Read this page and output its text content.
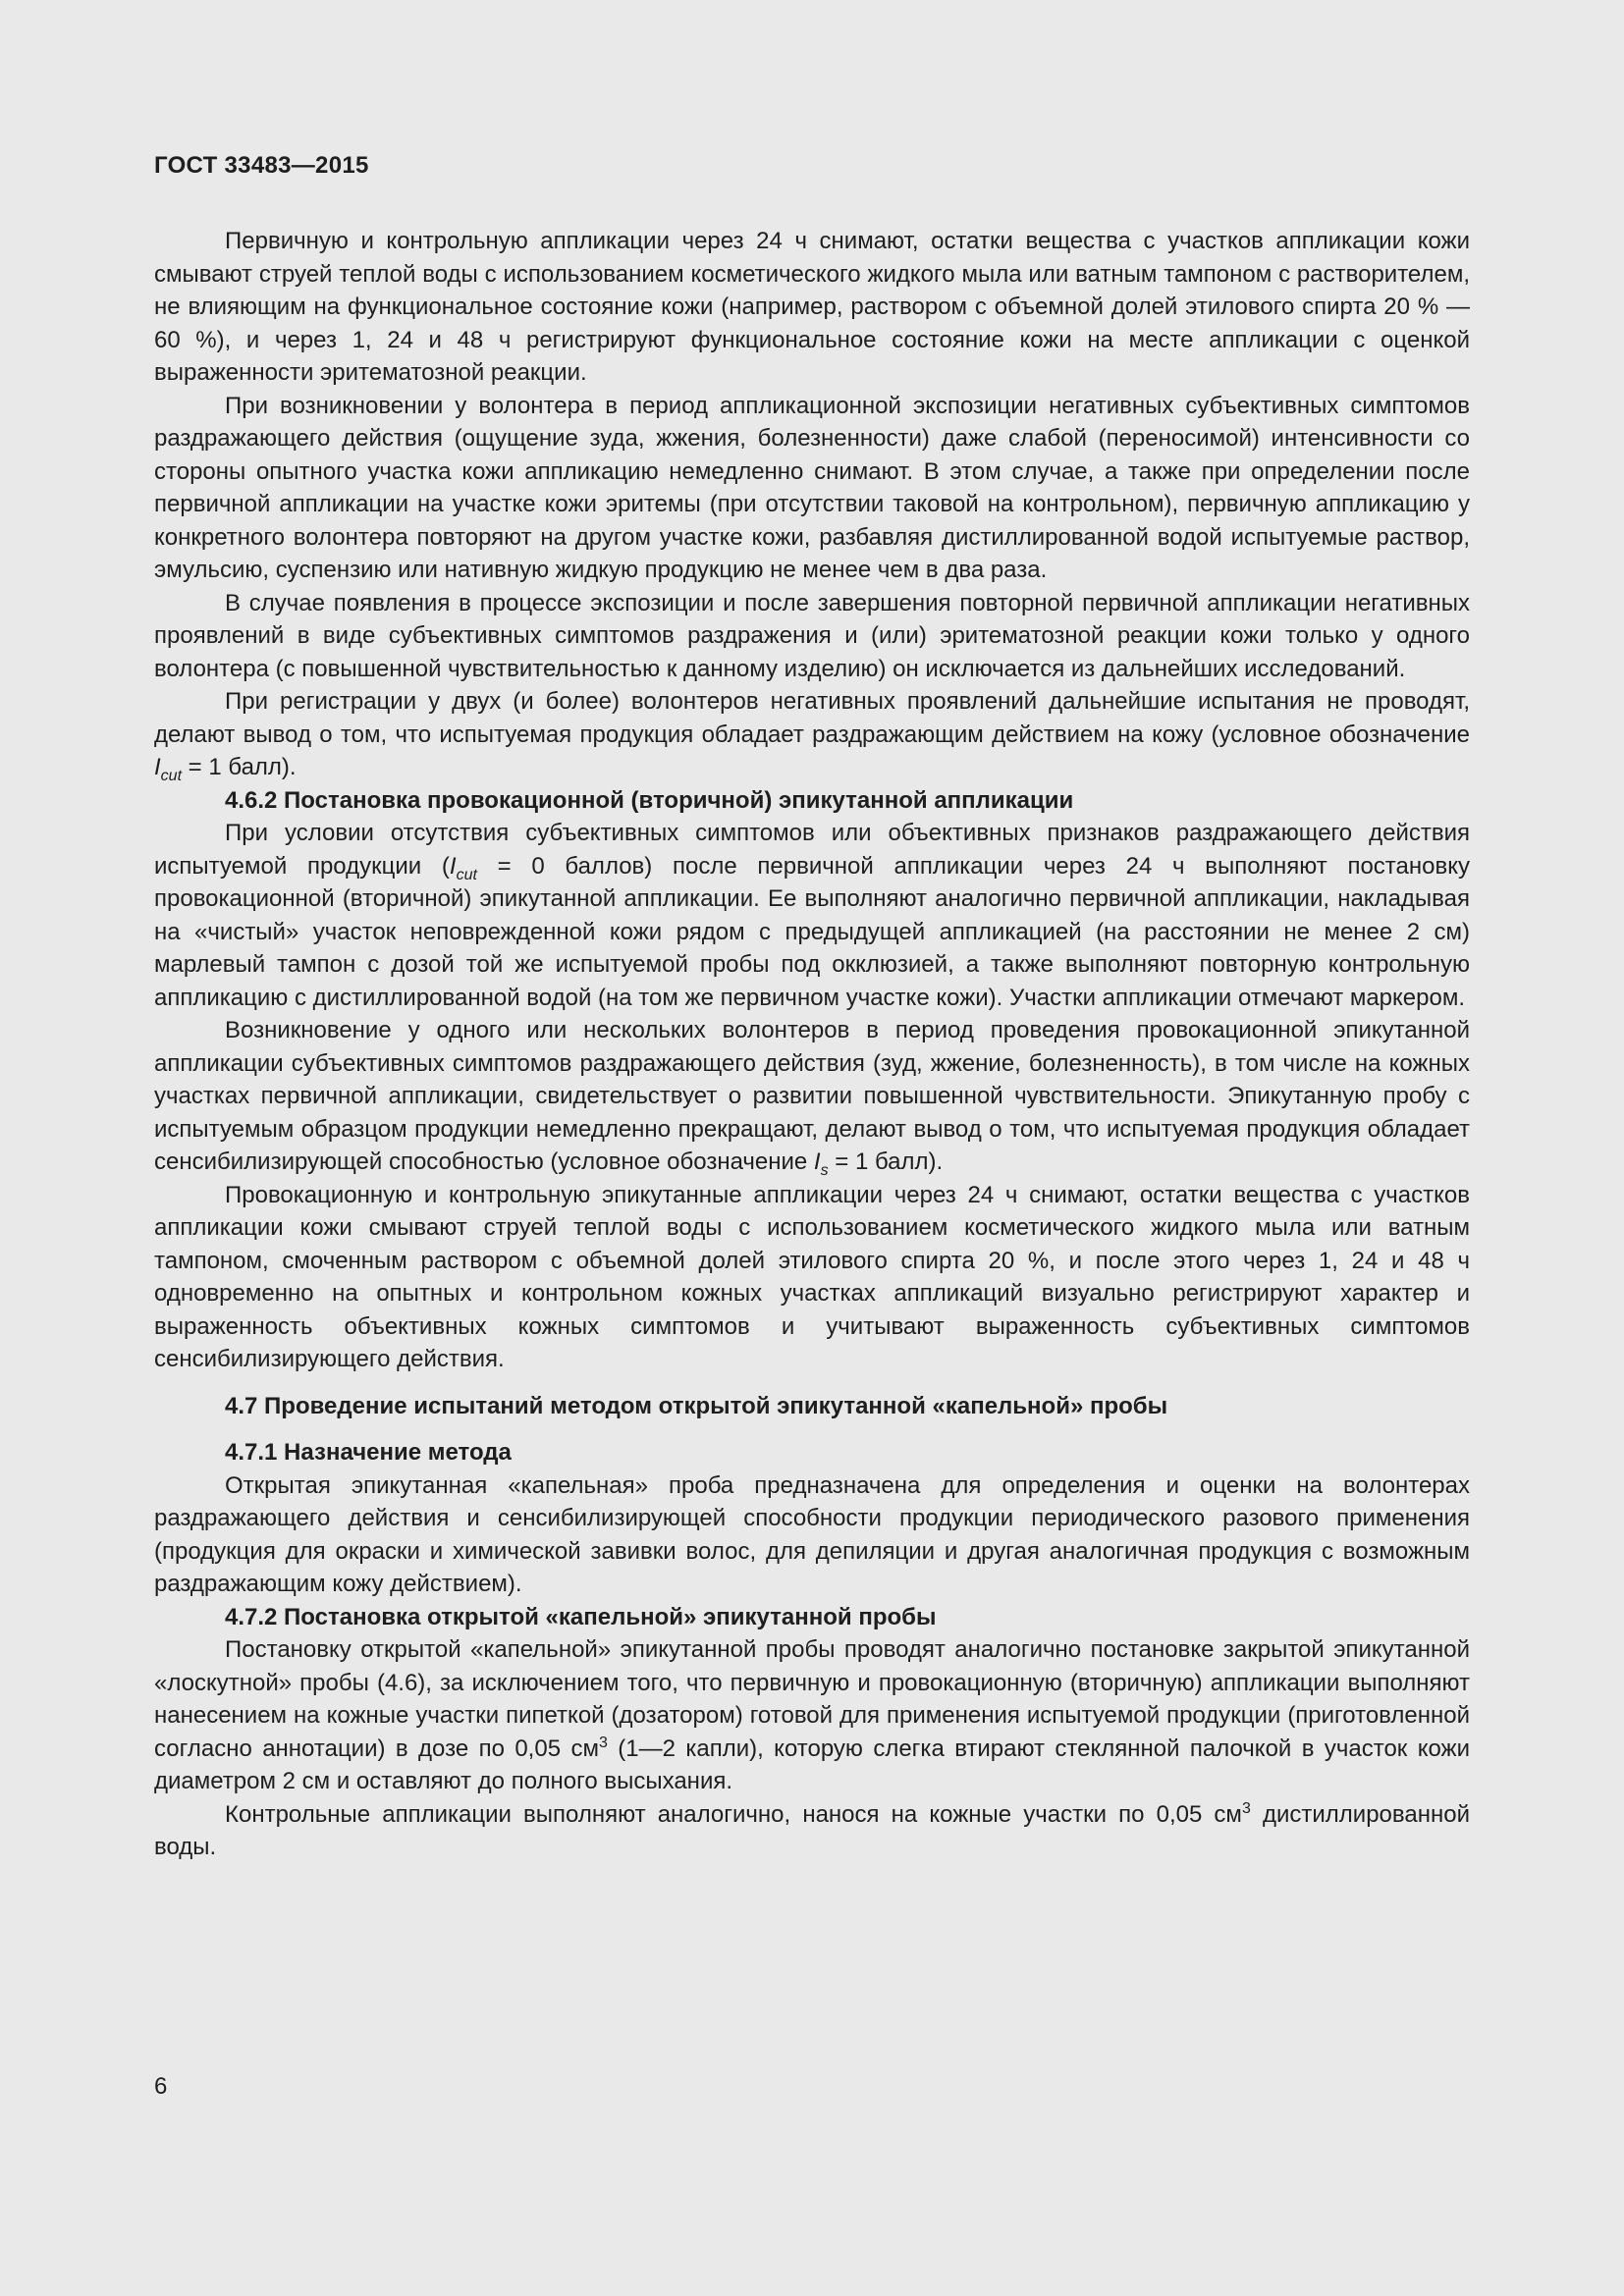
ГОСТ 33483—2015

Первичную и контрольную аппликации через 24 ч снимают, остатки вещества с участков аппликации кожи смывают струей теплой воды с использованием косметического жидкого мыла или ватным тампоном с растворителем, не влияющим на функциональное состояние кожи (например, раствором с объемной долей этилового спирта 20 % — 60 %), и через 1, 24 и 48 ч регистрируют функциональное состояние кожи на месте аппликации с оценкой выраженности эритематозной реакции.

При возникновении у волонтера в период аппликационной экспозиции негативных субъективных симптомов раздражающего действия (ощущение зуда, жжения, болезненности) даже слабой (переносимой) интенсивности со стороны опытного участка кожи аппликацию немедленно снимают. В этом случае, а также при определении после первичной аппликации на участке кожи эритемы (при отсутствии таковой на контрольном), первичную аппликацию у конкретного волонтера повторяют на другом участке кожи, разбавляя дистиллированной водой испытуемые раствор, эмульсию, суспензию или нативную жидкую продукцию не менее чем в два раза.

В случае появления в процессе экспозиции и после завершения повторной первичной аппликации негативных проявлений в виде субъективных симптомов раздражения и (или) эритематозной реакции кожи только у одного волонтера (с повышенной чувствительностью к данному изделию) он исключается из дальнейших исследований.

При регистрации у двух (и более) волонтеров негативных проявлений дальнейшие испытания не проводят, делают вывод о том, что испытуемая продукция обладает раздражающим действием на кожу (условное обозначение $I_{cut} = 1$ балл).

4.6.2 Постановка провокационной (вторичной) эпикутанной аппликации

При условии отсутствия субъективных симптомов или объективных признаков раздражающего действия испытуемой продукции ($I_{cut} = 0$ баллов) после первичной аппликации через 24 ч выполняют постановку провокационной (вторичной) эпикутанной аппликации. Ее выполняют аналогично первичной аппликации, накладывая на «чистый» участок неповрежденной кожи рядом с предыдущей аппликацией (на расстоянии не менее 2 см) марлевый тампон с дозой той же испытуемой пробы под окклюзией, а также выполняют повторную контрольную аппликацию с дистиллированной водой (на том же первичном участке кожи). Участки аппликации отмечают маркером.

Возникновение у одного или нескольких волонтеров в период проведения провокационной эпикутанной аппликации субъективных симптомов раздражающего действия (зуд, жжение, болезненность), в том числе на кожных участках первичной аппликации, свидетельствует о развитии повышенной чувствительности. Эпикутанную пробу с испытуемым образцом продукции немедленно прекращают, делают вывод о том, что испытуемая продукция обладает сенсибилизирующей способностью (условное обозначение $I_s = 1$ балл).

Провокационную и контрольную эпикутанные аппликации через 24 ч снимают, остатки вещества с участков аппликации кожи смывают струей теплой воды с использованием косметического жидкого мыла или ватным тампоном, смоченным раствором с объемной долей этилового спирта 20 %, и после этого через 1, 24 и 48 ч одновременно на опытных и контрольном кожных участках аппликаций визуально регистрируют характер и выраженность объективных кожных симптомов и учитывают выраженность субъективных симптомов сенсибилизирующего действия.

4.7 Проведение испытаний методом открытой эпикутанной «капельной» пробы

4.7.1 Назначение метода

Открытая эпикутанная «капельная» проба предназначена для определения и оценки на волонтерах раздражающего действия и сенсибилизирующей способности продукции периодического разового применения (продукция для окраски и химической завивки волос, для депиляции и другая аналогичная продукция с возможным раздражающим кожу действием).

4.7.2 Постановка открытой «капельной» эпикутанной пробы

Постановку открытой «капельной» эпикутанной пробы проводят аналогично постановке закрытой эпикутанной «лоскутной» пробы (4.6), за исключением того, что первичную и провокационную (вторичную) аппликации выполняют нанесением на кожные участки пипеткой (дозатором) готовой для применения испытуемой продукции (приготовленной согласно аннотации) в дозе по 0,05 $см^3$ (1—2 капли), которую слегка втирают стеклянной палочкой в участок кожи диаметром 2 см и оставляют до полного высыхания.

Контрольные аппликации выполняют аналогично, нанося на кожные участки по 0,05 $см^3$ дистиллированной воды.

6
